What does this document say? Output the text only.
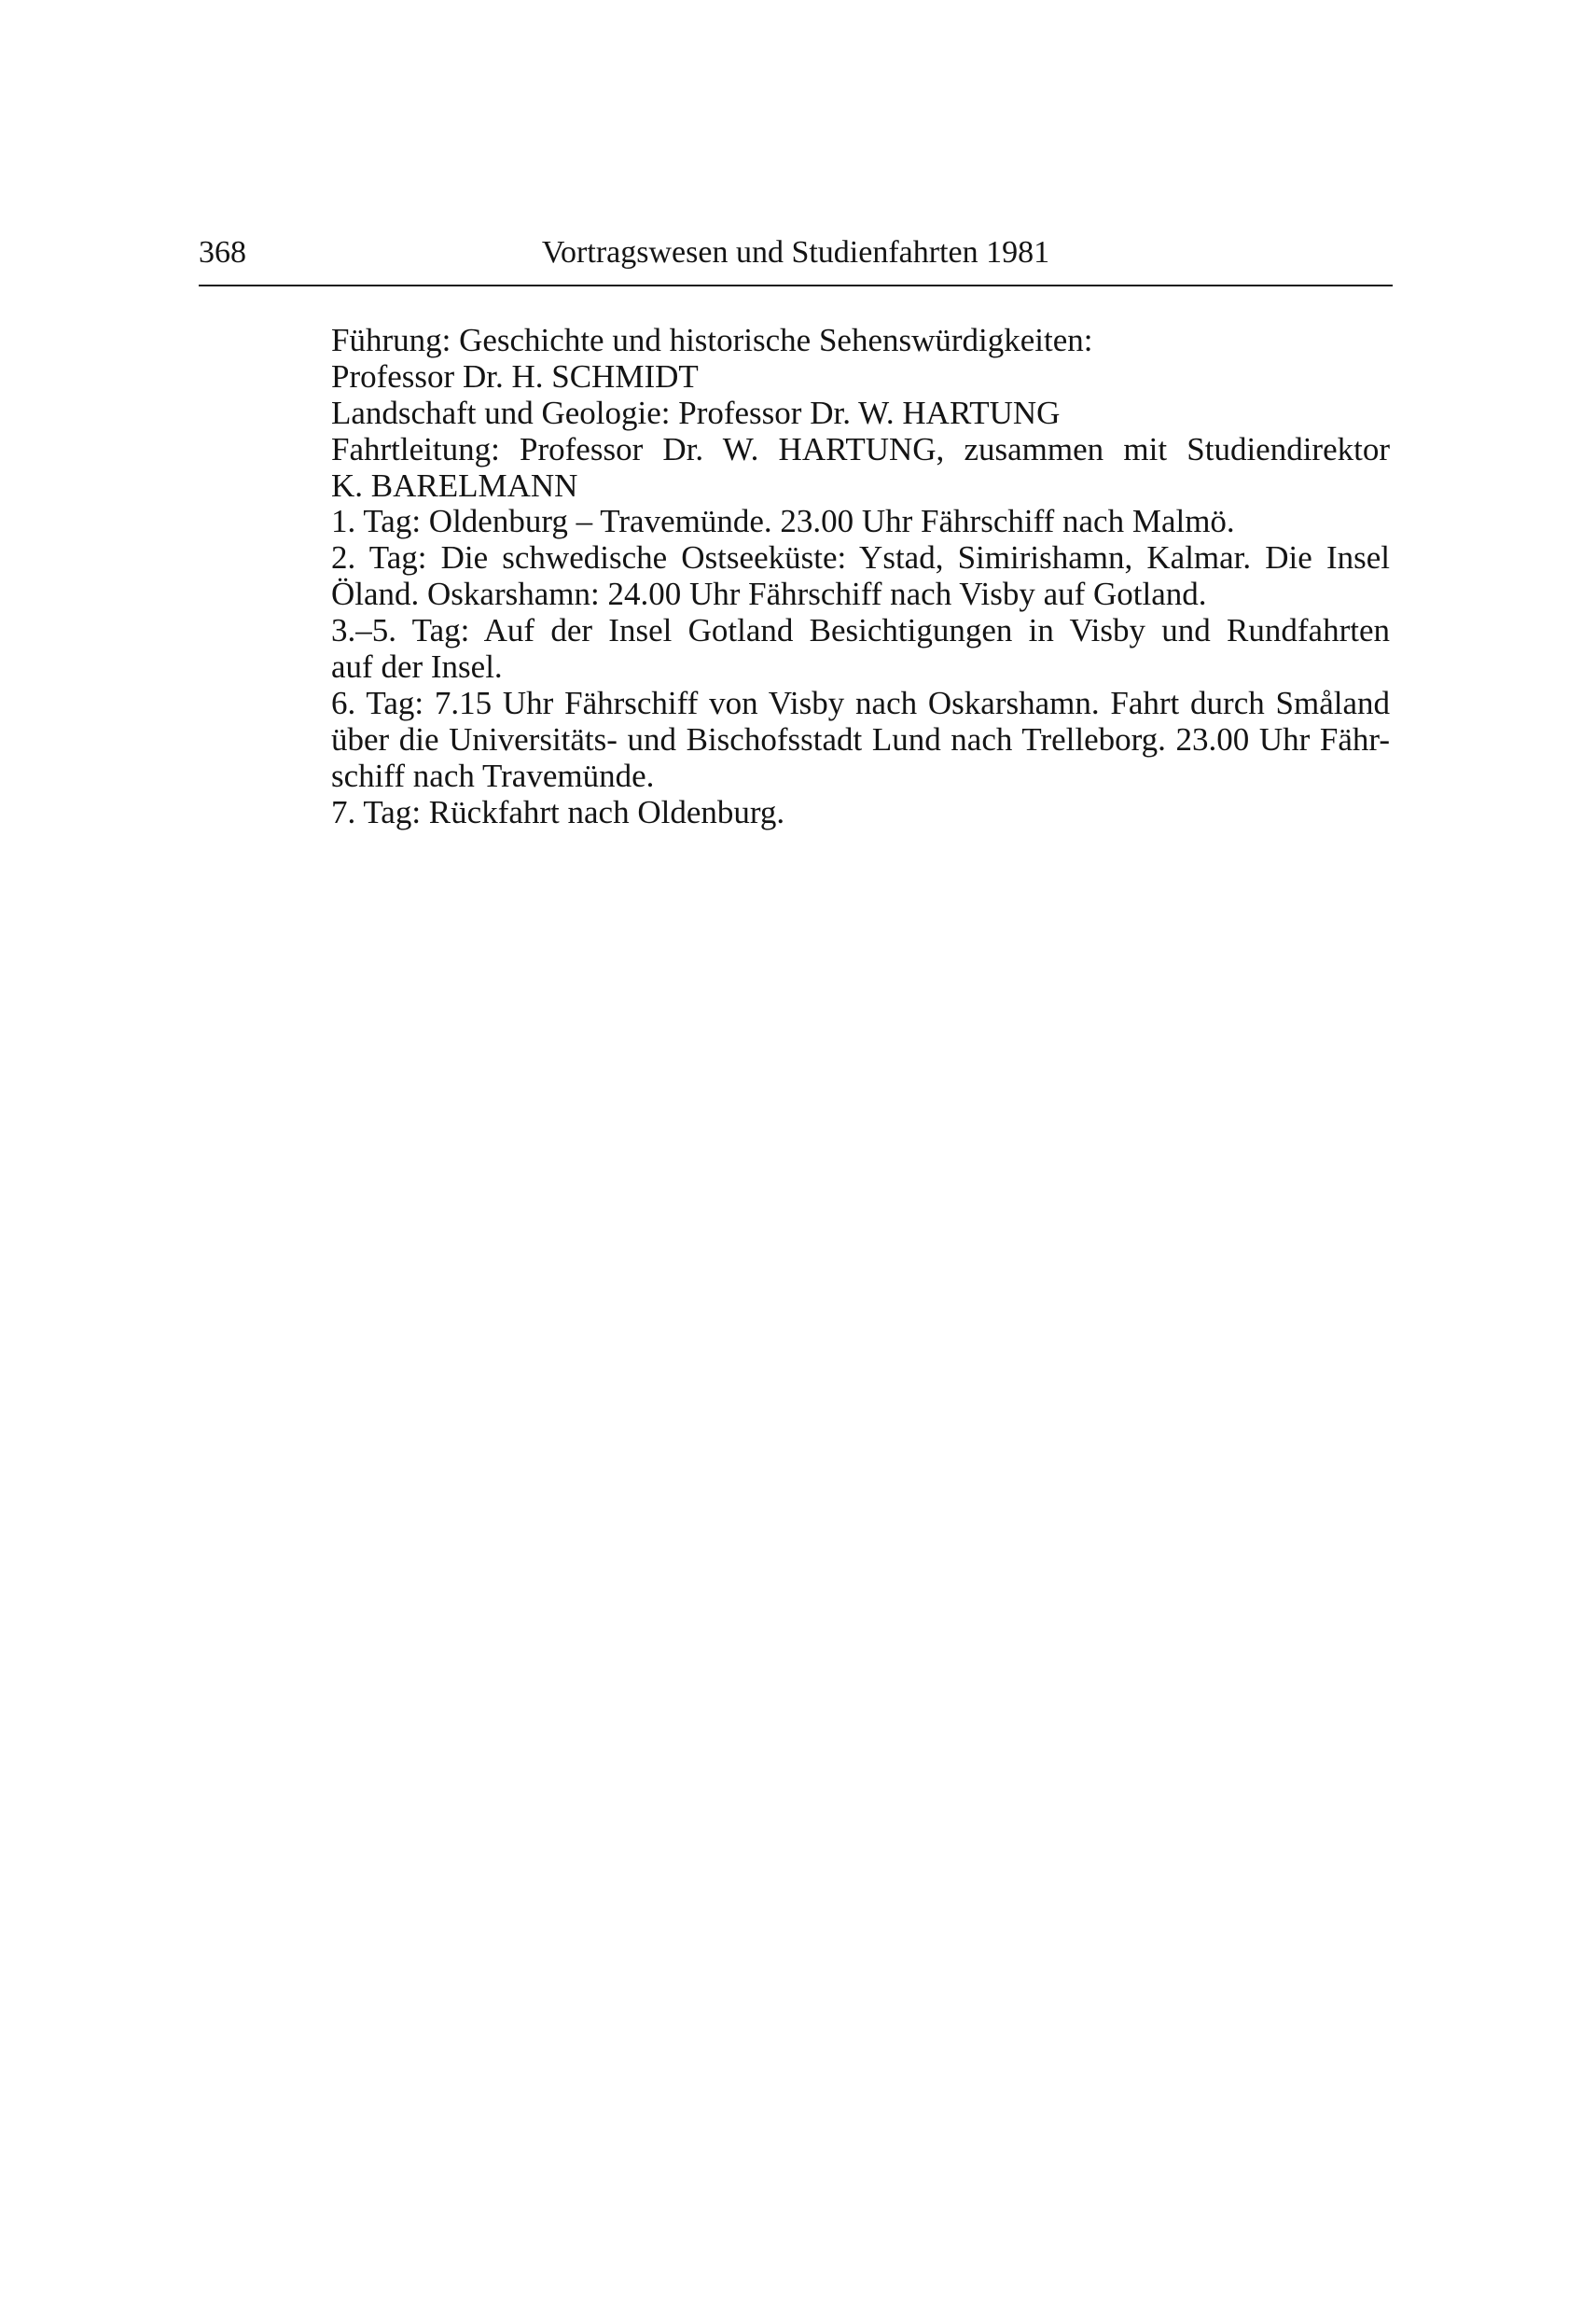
368	Vortragswesen und Studienfahrten 1981
Führung: Geschichte und historische Sehenswürdigkeiten:
Professor Dr. H. SCHMIDT
Landschaft und Geologie: Professor Dr. W. HARTUNG
Fahrtleitung: Professor Dr. W. HARTUNG, zusammen mit Studiendirektor
K. BARELMANN
1. Tag: Oldenburg – Travemünde. 23.00 Uhr Fährschiff nach Malmö.
2. Tag: Die schwedische Ostseeküste: Ystad, Simirishamn, Kalmar. Die Insel
Öland. Oskarshamn: 24.00 Uhr Fährschiff nach Visby auf Gotland.
3.–5. Tag: Auf der Insel Gotland Besichtigungen in Visby und Rundfahrten
auf der Insel.
6. Tag: 7.15 Uhr Fährschiff von Visby nach Oskarshamn. Fahrt durch Småland
über die Universitäts- und Bischofsstadt Lund nach Trelleborg. 23.00 Uhr Fähr-
schiff nach Travemünde.
7. Tag: Rückfahrt nach Oldenburg.
